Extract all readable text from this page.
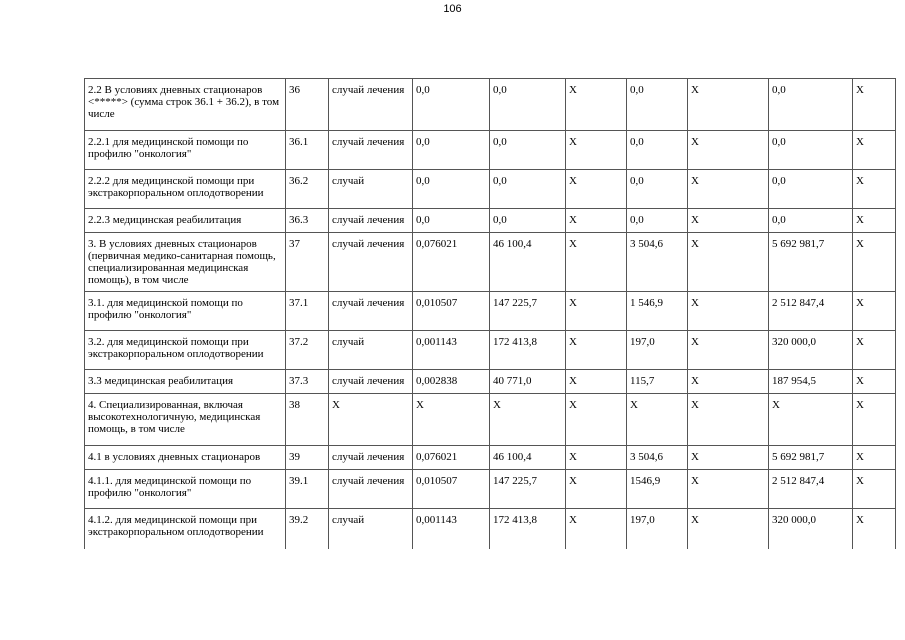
106
2.2 В условиях дневных стационаров <*****> (сумма строк 36.1 + 36.2), в том числе	36	случай лечения	0,0	0,0	X	0,0	X	0,0	X
2.2.1 для медицинской помощи по профилю "онкология"	36.1	случай лечения	0,0	0,0	X	0,0	X	0,0	X
2.2.2 для медицинской помощи при экстракорпоральном оплодотворении	36.2	случай	0,0	0,0	X	0,0	X	0,0	X
2.2.3 медицинская реабилитация	36.3	случай лечения	0,0	0,0	X	0,0	X	0,0	X
3. В условиях дневных стационаров (первичная медико-санитарная помощь, специализированная медицинская помощь), в том числе	37	случай лечения	0,076021	46 100,4	X	3 504,6	X	5 692 981,7	X
3.1. для медицинской помощи по профилю "онкология"	37.1	случай лечения	0,010507	147 225,7	X	1 546,9	X	2 512 847,4	X
3.2. для медицинской помощи при экстракорпоральном оплодотворении	37.2	случай	0,001143	172 413,8	X	197,0	X	320 000,0	X
3.3 медицинская реабилитация	37.3	случай лечения	0,002838	40 771,0	X	115,7	X	187 954,5	X
4. Специализированная, включая высокотехнологичную, медицинская помощь, в том числе	38	X	X	X	X	X	X	X	X
4.1 в условиях дневных стационаров	39	случай лечения	0,076021	46 100,4	X	3 504,6	X	5 692 981,7	X
4.1.1. для медицинской помощи по профилю "онкология"	39.1	случай лечения	0,010507	147 225,7	X	1546,9	X	2 512 847,4	X
4.1.2. для медицинской помощи при экстракорпоральном оплодотворении	39.2	случай	0,001143	172 413,8	X	197,0	X	320 000,0	X
